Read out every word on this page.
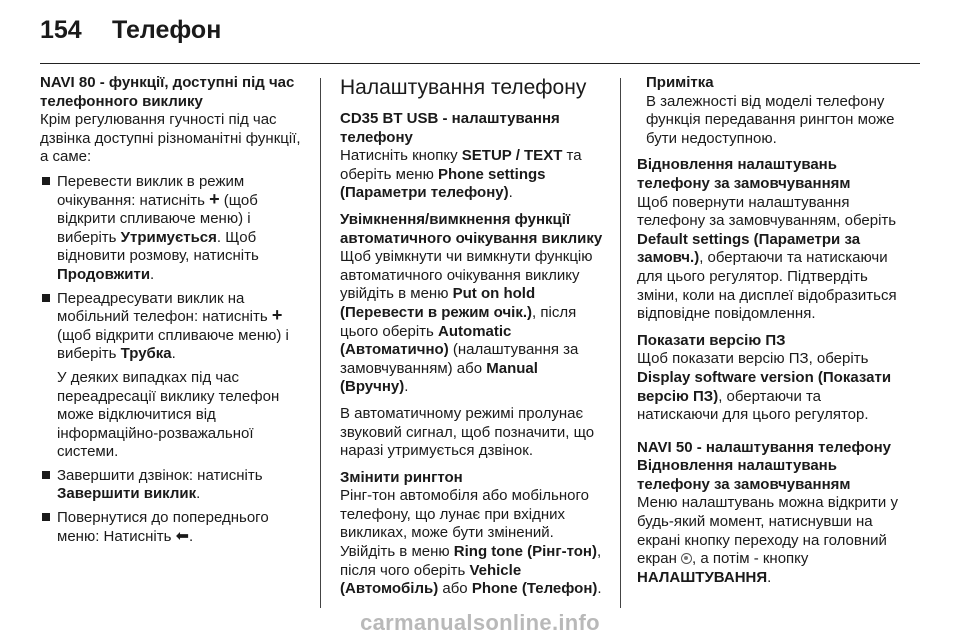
154	Телефон

NAVI 80 - функції, доступні під час телефонного виклику

Крім регулювання гучності під час дзвінка доступні різноманітні функції, а саме:

Перевести виклик в режим очікування: натисніть + (щоб відкрити спливаюче меню) і виберіть Утримується. Щоб відновити розмову, натисніть Продовжити.
Переадресувати виклик на мобільний телефон: натисніть + (щоб відкрити спливаюче меню) і виберіть Трубка.

У деяких випадках під час переадресації виклику телефон може відключитися від інформаційно-розважальної системи.

Завершити дзвінок: натисніть Завершити виклик.
Повернутися до попереднього меню: Натисніть ⬅.

Налаштування телефону

CD35 BT USB - налаштування телефону

Натисніть кнопку SETUP / TEXT та оберіть меню Phone settings (Параметри телефону).

Увімкнення/вимкнення функції автоматичного очікування виклику

Щоб увімкнути чи вимкнути функцію автоматичного очікування виклику увійдіть в меню Put on hold (Перевести в режим очік.), після цього оберіть Automatic (Автоматично) (налаштування за замовчуванням) або Manual (Вручну).

В автоматичному режимі пролунає звуковий сигнал, щоб позначити, що наразі утримується дзвінок.

Змінити рингтон

Рінг-тон автомобіля або мобільного телефону, що лунає при вхідних викликах, може бути змінений. Увійдіть в меню Ring tone (Рінг-тон), після чого оберіть Vehicle (Автомобіль) або Phone (Телефон).

Примітка

В залежності від моделі телефону функція передавання рингтон може бути недоступною.

Відновлення налаштувань телефону за замовчуванням

Щоб повернути налаштування телефону за замовчуванням, оберіть Default settings (Параметри за замовч.), обертаючи та натискаючи для цього регулятор. Підтвердіть зміни, коли на дисплеї відобразиться відповідне повідомлення.

Показати версію ПЗ

Щоб показати версію ПЗ, оберіть Display software version (Показати версію ПЗ), обертаючи та натискаючи для цього регулятор.

NAVI 50 - налаштування телефону

Відновлення налаштувань телефону за замовчуванням

Меню налаштувань можна відкрити у будь-який момент, натиснувши на екрані кнопку переходу на головний екран , а потім - кнопку НАЛАШТУВАННЯ.

carmanualsonline.info
